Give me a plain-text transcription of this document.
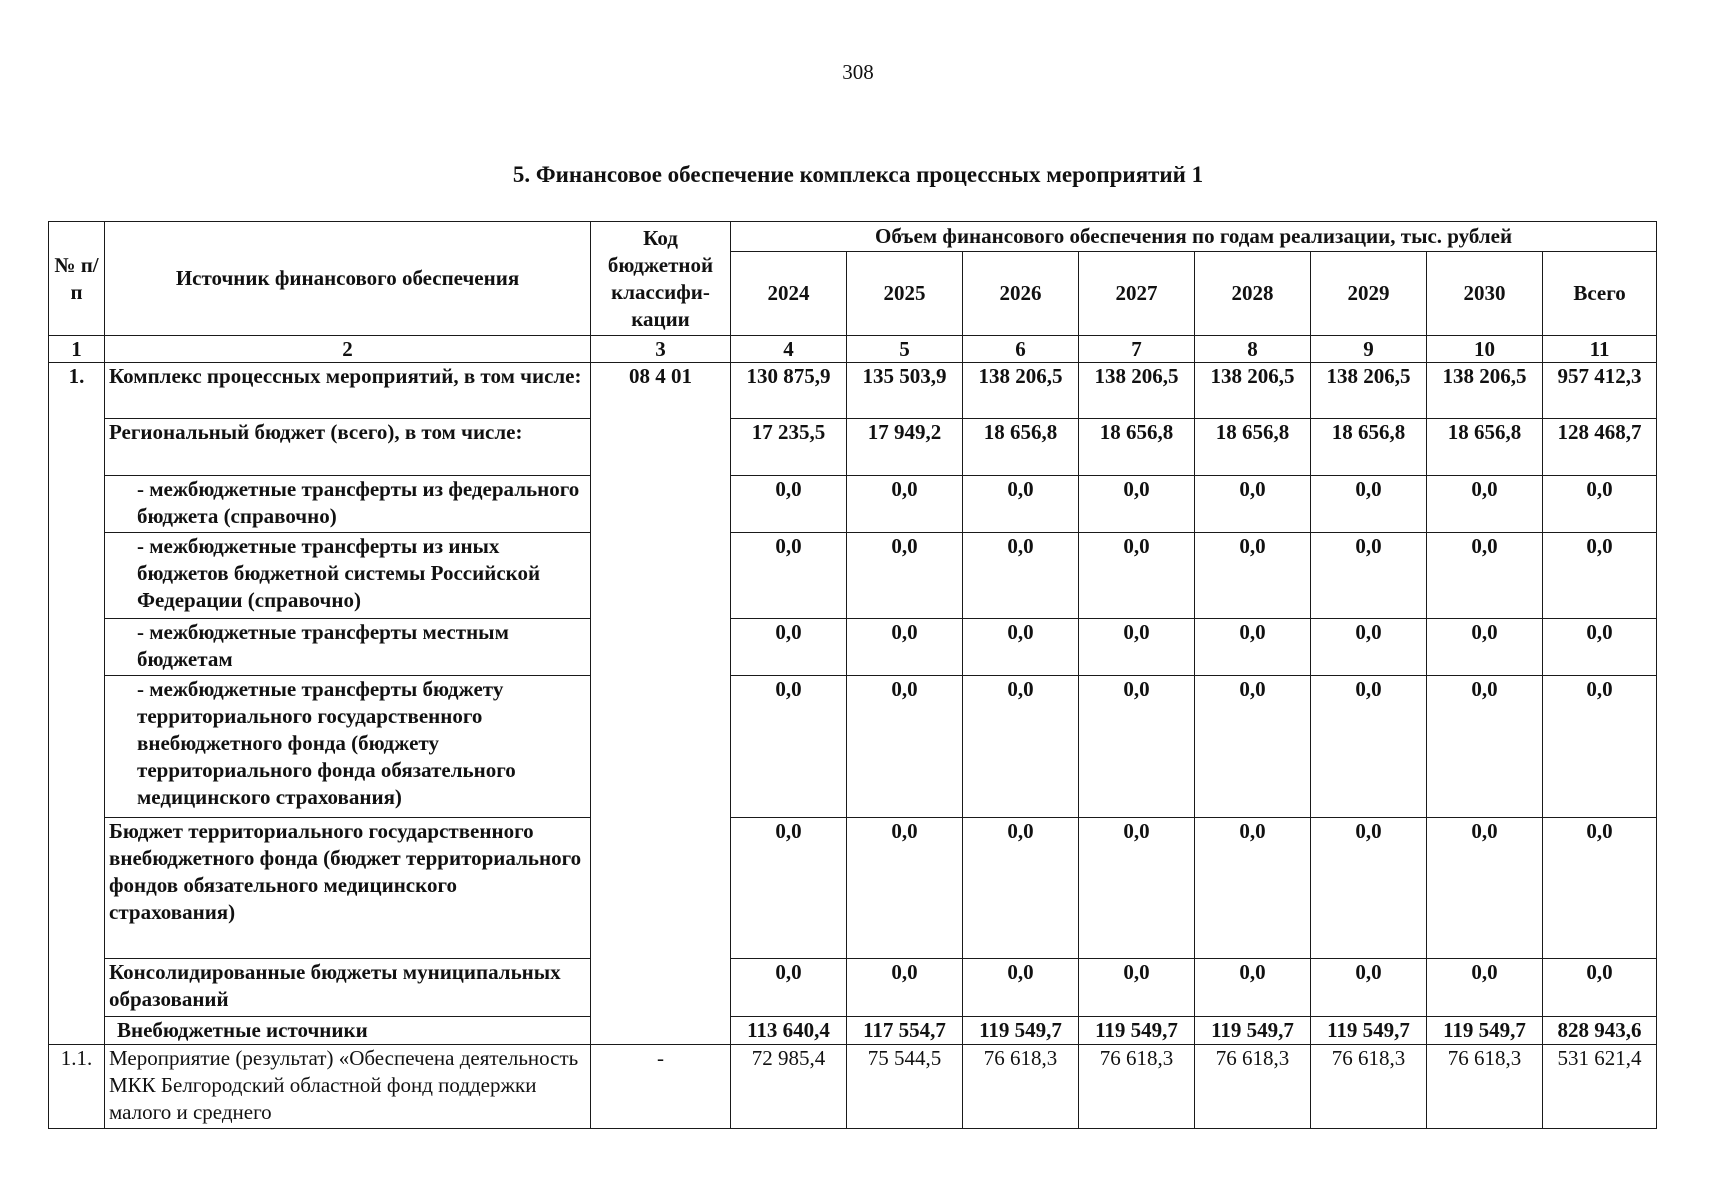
308
5. Финансовое обеспечение комплекса процессных мероприятий 1
№ п/п	Источник финансового обеспечения	Код бюджетной классифи-кации	Объем финансового обеспечения по годам реализации, тыс. рублей							
			2024	2025	2026	2027	2028	2029	2030	Всего
1	2	3	4	5	6	7	8	9	10	11
1.	Комплекс процессных мероприятий, в том числе:	08 4 01	130 875,9	135 503,9	138 206,5	138 206,5	138 206,5	138 206,5	138 206,5	957 412,3
	Региональный бюджет (всего), в том числе:		17 235,5	17 949,2	18 656,8	18 656,8	18 656,8	18 656,8	18 656,8	128 468,7
	- межбюджетные трансферты из федерального бюджета (справочно)		0,0	0,0	0,0	0,0	0,0	0,0	0,0	0,0
	- межбюджетные трансферты из иных бюджетов бюджетной системы Российской Федерации (справочно)		0,0	0,0	0,0	0,0	0,0	0,0	0,0	0,0
	- межбюджетные трансферты местным бюджетам		0,0	0,0	0,0	0,0	0,0	0,0	0,0	0,0
	- межбюджетные трансферты бюджету территориального государственного внебюджетного фонда (бюджету территориального фонда обязательного медицинского страхования)		0,0	0,0	0,0	0,0	0,0	0,0	0,0	0,0
	Бюджет территориального государственного внебюджетного фонда (бюджет территориального фондов обязательного медицинского страхования)		0,0	0,0	0,0	0,0	0,0	0,0	0,0	0,0
	Консолидированные бюджеты муниципальных образований		0,0	0,0	0,0	0,0	0,0	0,0	0,0	0,0
	Внебюджетные источники		113 640,4	117 554,7	119 549,7	119 549,7	119 549,7	119 549,7	119 549,7	828 943,6
1.1.	Мероприятие (результат) «Обеспечена деятельность МКК Белгородский областной фонд поддержки малого и среднего	-	72 985,4	75 544,5	76 618,3	76 618,3	76 618,3	76 618,3	76 618,3	531 621,4
